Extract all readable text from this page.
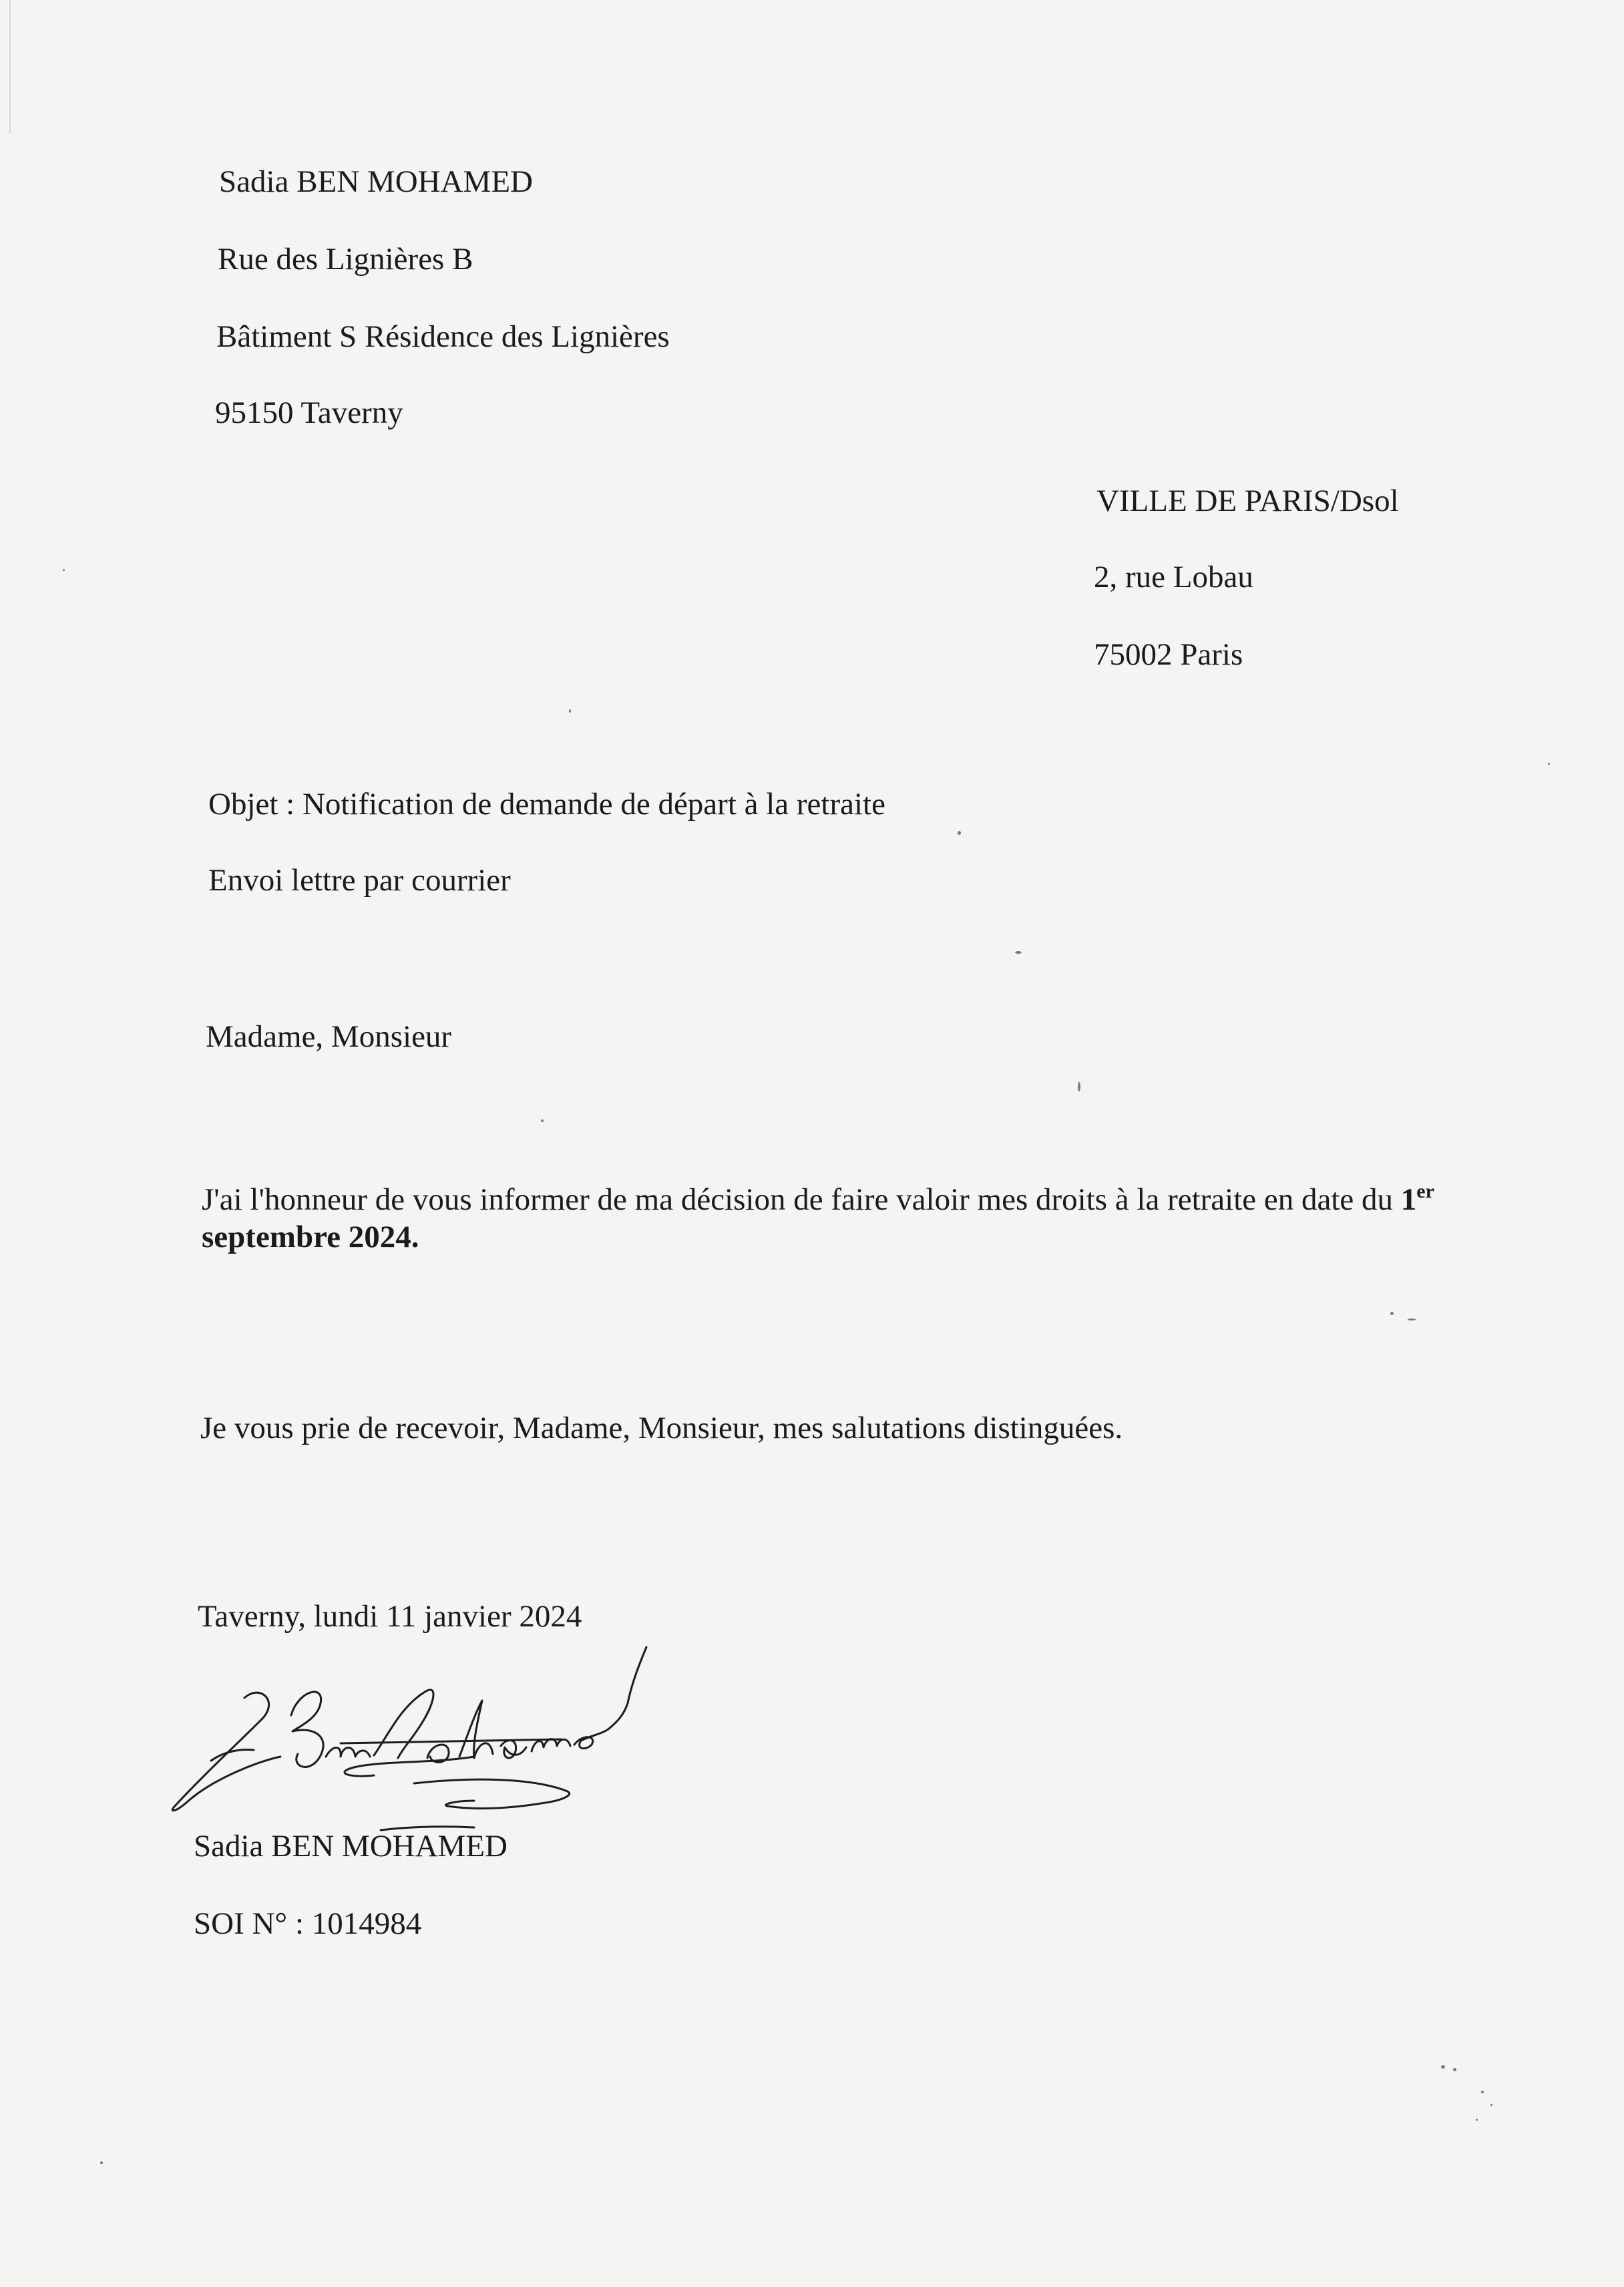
Sadia BEN MOHAMED
Rue des Lignières B
Bâtiment S Résidence des Lignières
95150 Taverny
VILLE DE PARIS/Dsol
2, rue Lobau
75002 Paris
Objet : Notification de demande de départ à la retraite
Envoi lettre par courrier
Madame, Monsieur
J'ai l'honneur de vous informer de ma décision de faire valoir mes droits à la retraite en date du 1er septembre 2024.
Je vous prie de recevoir, Madame, Monsieur, mes salutations distinguées.
Taverny, lundi 11 janvier 2024
Sadia BEN MOHAMED
SOI N° : 1014984
